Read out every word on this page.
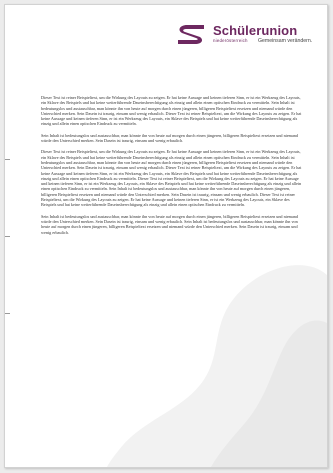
Schülerunion
niederösterreich Gemeinsam verändern.

Dieser Text ist reiner Beispieltext, um die Wirkung des Layouts zu zeigen. Er hat keine Aussage und keinen tieferen Sinn, er ist ein Werkzeug des Layouts, ein Sklave des Beispiels und hat keine weiterführende Daseinsberechtigung als einzig und allein einen optischen Eindruck zu vermitteln. Sein Inhalt ist bedeutungslos und austauschbar, man könnte ihn von heute auf morgen durch einen jüngeren, billigeren Beispieltext ersetzen und niemand würde den Unterschied merken. Sein Dasein ist traurig, einsam und wenig erbaulich. Dieser Text ist reiner Beispieltext, um die Wirkung des Layouts zu zeigen. Er hat keine Aussage und keinen tieferen Sinn, er ist ein Werkzeug des Layouts, ein Sklave des Beispiels und hat keine weiterführende Daseinsberechtigung als einzig und allein einen optischen Eindruck zu vermitteln.

Sein Inhalt ist bedeutungslos und austauschbar, man könnte ihn von heute auf morgen durch einen jüngeren, billigeren Beispieltext ersetzen und niemand würde den Unterschied merken. Sein Dasein ist traurig, einsam und wenig erbaulich.

Dieser Text ist reiner Beispieltext, um die Wirkung des Layouts zu zeigen. Er hat keine Aussage und keinen tieferen Sinn, er ist ein Werkzeug des Layouts, ein Sklave des Beispiels und hat keine weiterführende Daseinsberechtigung als einzig und allein einen optischen Eindruck zu vermitteln. Sein Inhalt ist bedeutungslos und austauschbar, man könnte ihn von heute auf morgen durch einen jüngeren, billigeren Beispieltext ersetzen und niemand würde den Unterschied merken. Sein Dasein ist traurig, einsam und wenig erbaulich. Dieser Text ist reiner Beispieltext, um die Wirkung des Layouts zu zeigen. Er hat keine Aussage und keinen tieferen Sinn, er ist ein Werkzeug des Layouts, ein Sklave des Beispiels und hat keine weiterführende Daseinsberechtigung als einzig und allein einen optischen Eindruck zu vermitteln. Dieser Text ist reiner Beispieltext, um die Wirkung des Layouts zu zeigen. Er hat keine Aussage und keinen tieferen Sinn, er ist ein Werkzeug des Layouts, ein Sklave des Beispiels und hat keine weiterführende Daseinsberechtigung als einzig und allein einen optischen Eindruck zu vermitteln. Sein Inhalt ist bedeutungslos und austauschbar, man könnte ihn von heute auf morgen durch einen jüngeren, billigeren Beispieltext ersetzen und niemand würde den Unterschied merken. Sein Dasein ist traurig, einsam und wenig erbaulich. Dieser Text ist reiner Beispieltext, um die Wirkung des Layouts zu zeigen. Er hat keine Aussage und keinen tieferen Sinn, er ist ein Werkzeug des Layouts, ein Sklave des Beispiels und hat keine weiterführende Daseinsberechtigung als einzig und allein einen optischen Eindruck zu vermitteln.

Sein Inhalt ist bedeutungslos und austauschbar, man könnte ihn von heute auf morgen durch einen jüngeren, billigeren Beispieltext ersetzen und niemand würde den Unterschied merken. Sein Dasein ist traurig, einsam und wenig erbaulich. Sein Inhalt ist bedeutungslos und austauschbar, man könnte ihn von heute auf morgen durch einen jüngeren, billigeren Beispieltext ersetzen und niemand würde den Unterschied merken. Sein Dasein ist traurig, einsam und wenig erbaulich.
